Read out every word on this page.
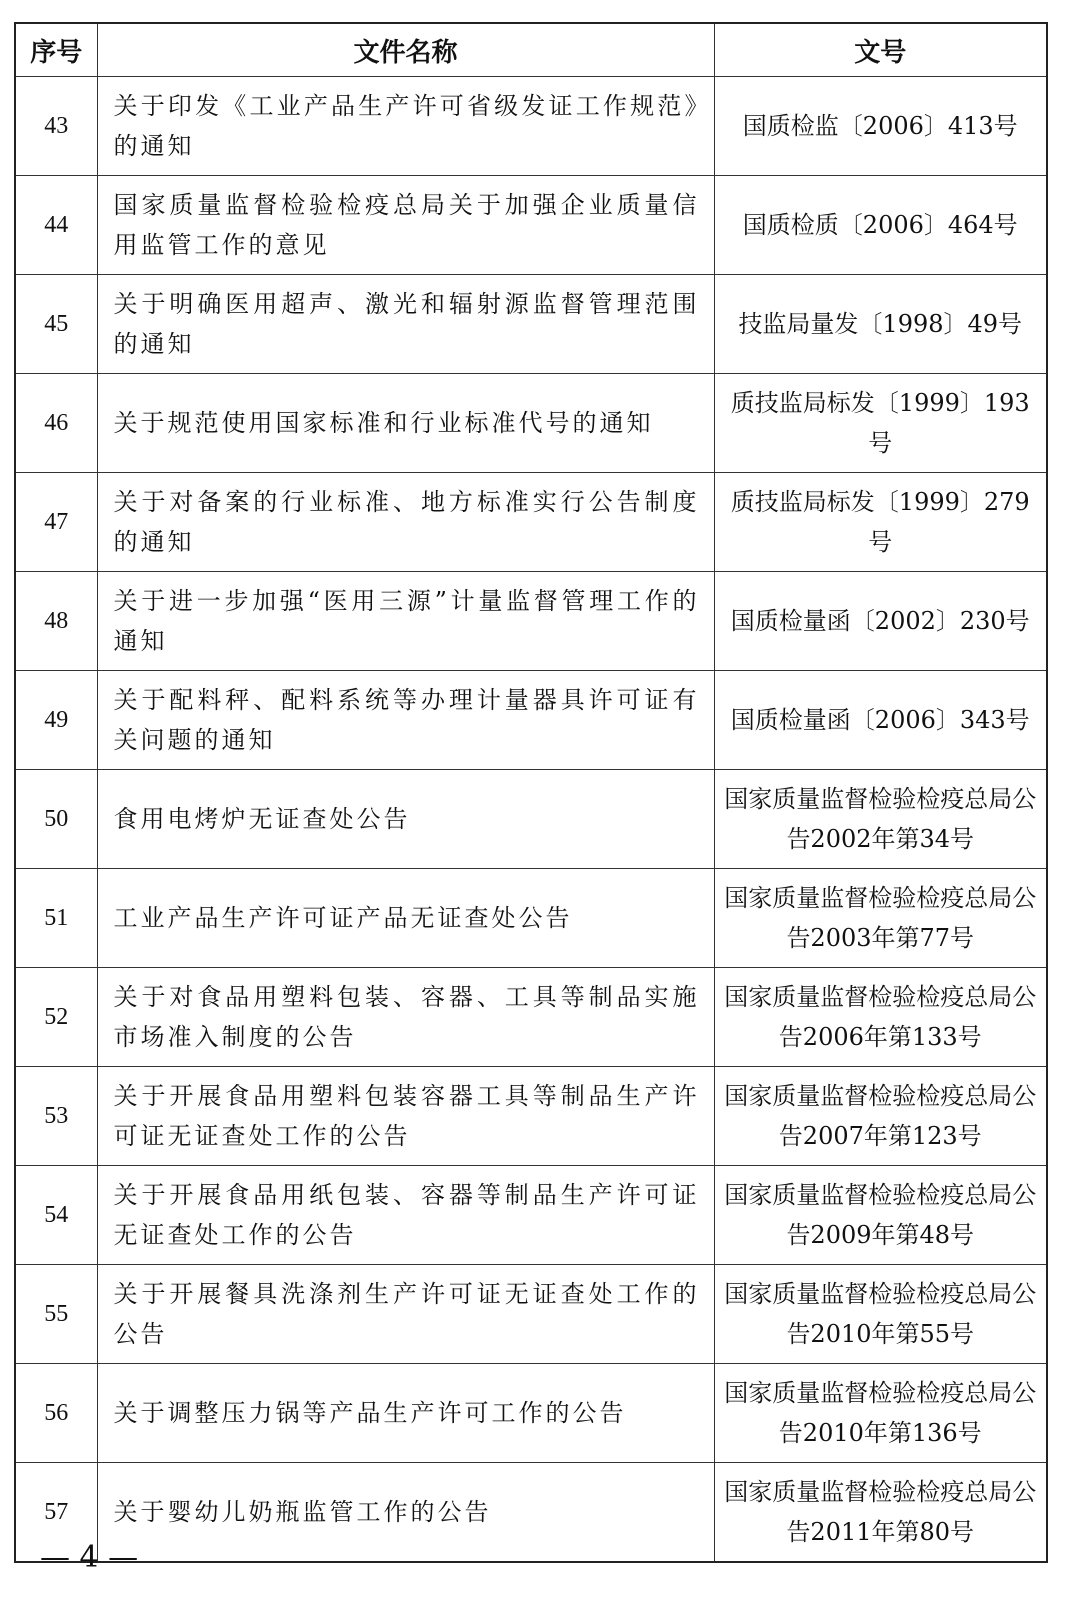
序号	文件名称	文号
43	关于印发《工业产品生产许可省级发证工作规范》的通知	国质检监〔2006〕413号
44	国家质量监督检验检疫总局关于加强企业质量信用监管工作的意见	国质检质〔2006〕464号
45	关于明确医用超声、激光和辐射源监督管理范围的通知	技监局量发〔1998〕49号
46	关于规范使用国家标准和行业标准代号的通知	质技监局标发〔1999〕193号
47	关于对备案的行业标准、地方标准实行公告制度的通知	质技监局标发〔1999〕279号
48	关于进一步加强“医用三源”计量监督管理工作的通知	国质检量函〔2002〕230号
49	关于配料秤、配料系统等办理计量器具许可证有关问题的通知	国质检量函〔2006〕343号
50	食用电烤炉无证查处公告	国家质量监督检验检疫总局公告2002年第34号
51	工业产品生产许可证产品无证查处公告	国家质量监督检验检疫总局公告2003年第77号
52	关于对食品用塑料包装、容器、工具等制品实施市场准入制度的公告	国家质量监督检验检疫总局公告2006年第133号
53	关于开展食品用塑料包装容器工具等制品生产许可证无证查处工作的公告	国家质量监督检验检疫总局公告2007年第123号
54	关于开展食品用纸包装、容器等制品生产许可证无证查处工作的公告	国家质量监督检验检疫总局公告2009年第48号
55	关于开展餐具洗涤剂生产许可证无证查处工作的公告	国家质量监督检验检疫总局公告2010年第55号
56	关于调整压力锅等产品生产许可工作的公告	国家质量监督检验检疫总局公告2010年第136号
57	关于婴幼儿奶瓶监管工作的公告	国家质量监督检验检疫总局公告2011年第80号
— 4 —
